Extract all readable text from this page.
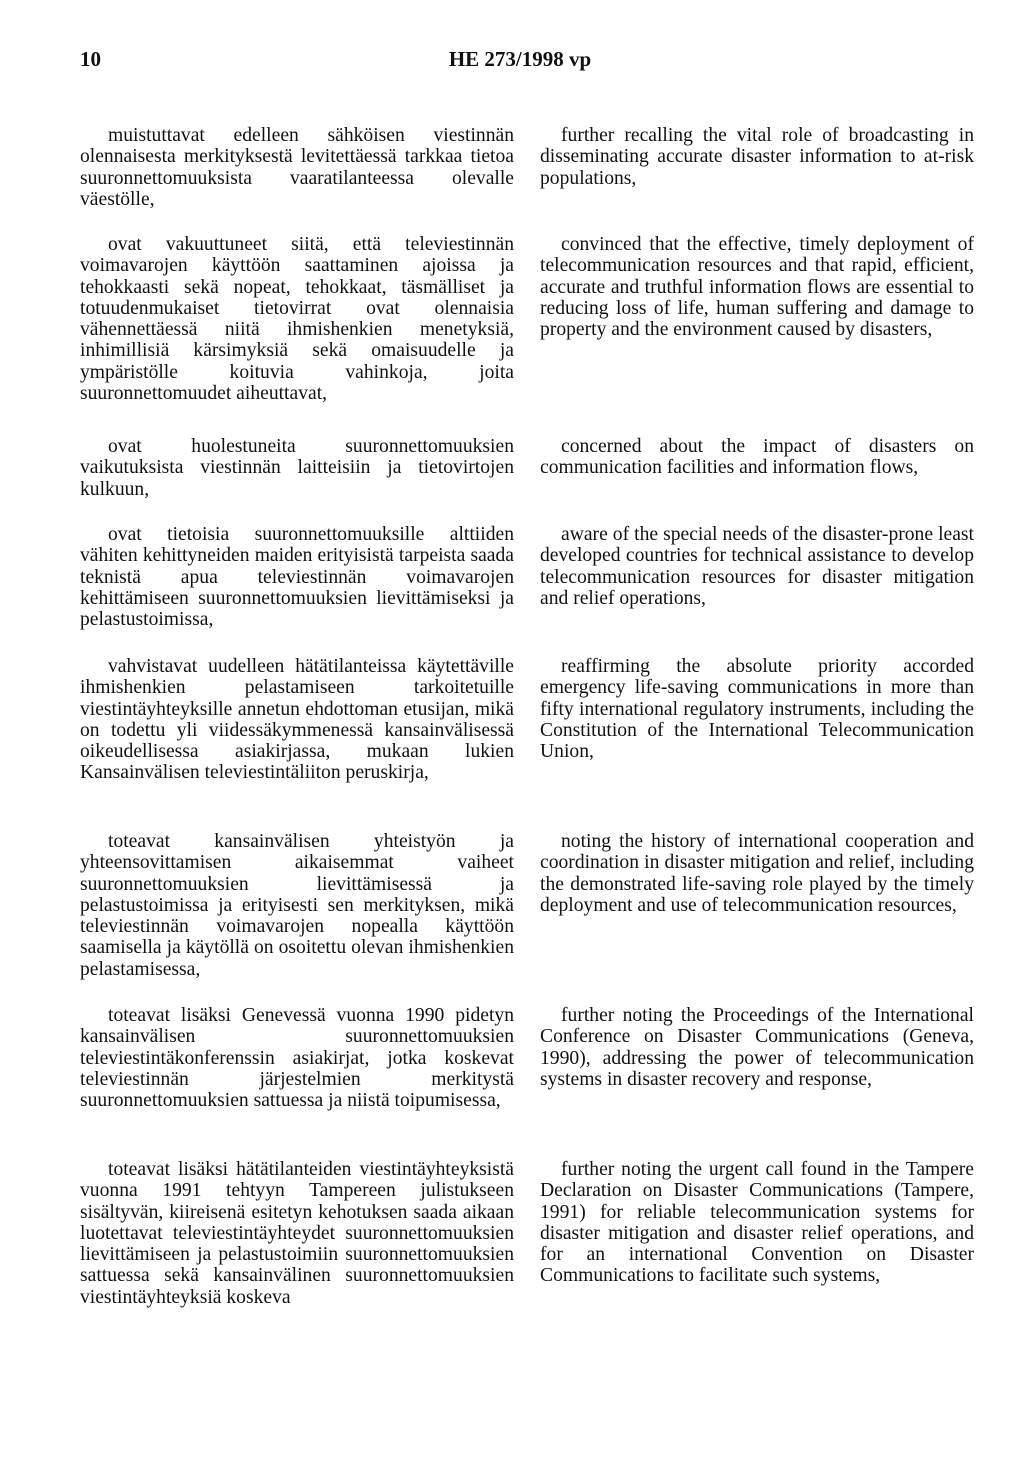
10	HE 273/1998 vp

muistuttavat edelleen sähköisen viestinnän olennaisesta merkityksestä levitettäessä tarkkaa tietoa suuronnettomuuksista vaaratilanteessa olevalle väestölle,

further recalling the vital role of broadcasting in disseminating accurate disaster information to at-risk populations,

ovat vakuuttuneet siitä, että televiestinnän voimavarojen käyttöön saattaminen ajoissa ja tehokkaasti sekä nopeat, tehokkaat, täsmälliset ja totuudenmukaiset tietovirrat ovat olennaisia vähennettäessä niitä ihmishenkien menetyksiä, inhimillisiä kärsimyksiä sekä omaisuudelle ja ympäristölle koituvia vahinkoja, joita suuronnettomuudet aiheuttavat,

convinced that the effective, timely deployment of telecommunication resources and that rapid, efficient, accurate and truthful information flows are essential to reducing loss of life, human suffering and damage to property and the environment caused by disasters,

ovat huolestuneita suuronnettomuuksien vaikutuksista viestinnän laitteisiin ja tietovirtojen kulkuun,

concerned about the impact of disasters on communication facilities and information flows,

ovat tietoisia suuronnettomuuksille alttiiden vähiten kehittyneiden maiden erityisistä tarpeista saada teknistä apua televiestinnän voimavarojen kehittämiseen suuronnettomuuksien lievittämiseksi ja pelastustoimissa,

aware of the special needs of the disaster-prone least developed countries for technical assistance to develop telecommunication resources for disaster mitigation and relief operations,

vahvistavat uudelleen hätätilanteissa käytettäville ihmishenkien pelastamiseen tarkoitetuille viestintäyhteyksille annetun ehdottoman etusijan, mikä on todettu yli viidessäkymmenessä kansainvälisessä oikeudellisessa asiakirjassa, mukaan lukien Kansainvälisen televiestintäliiton peruskirja,

reaffirming the absolute priority accorded emergency life-saving communications in more than fifty international regulatory instruments, including the Constitution of the International Telecommunication Union,

toteavat kansainvälisen yhteistyön ja yhteensovittamisen aikaisemmat vaiheet suuronnettomuuksien lievittämisessä ja pelastustoimissa ja erityisesti sen merkityksen, mikä televiestinnän voimavarojen nopealla käyttöön saamisella ja käytöllä on osoitettu olevan ihmishenkien pelastamisessa,

noting the history of international cooperation and coordination in disaster mitigation and relief, including the demonstrated life-saving role played by the timely deployment and use of telecommunication resources,

toteavat lisäksi Genevessä vuonna 1990 pidetyn kansainvälisen suuronnettomuuksien televiestintäkonferenssin asiakirjat, jotka koskevat televiestinnän järjestelmien merkitystä suuronnettomuuksien sattuessa ja niistä toipumisessa,

further noting the Proceedings of the International Conference on Disaster Communications (Geneva, 1990), addressing the power of telecommunication systems in disaster recovery and response,

toteavat lisäksi hätätilanteiden viestintäyhteyksistä vuonna 1991 tehtyyn Tampereen julistukseen sisältyvän, kiireisenä esitetyn kehotuksen saada aikaan luotettavat televiestintäyhteydet suuronnettomuuksien lievittämiseen ja pelastustoimiin suuronnettomuuksien sattuessa sekä kansainvälinen suuronnettomuuksien viestintäyhteyksiä koskeva

further noting the urgent call found in the Tampere Declaration on Disaster Communications (Tampere, 1991) for reliable telecommunication systems for disaster mitigation and disaster relief operations, and for an international Convention on Disaster Communications to facilitate such systems,
